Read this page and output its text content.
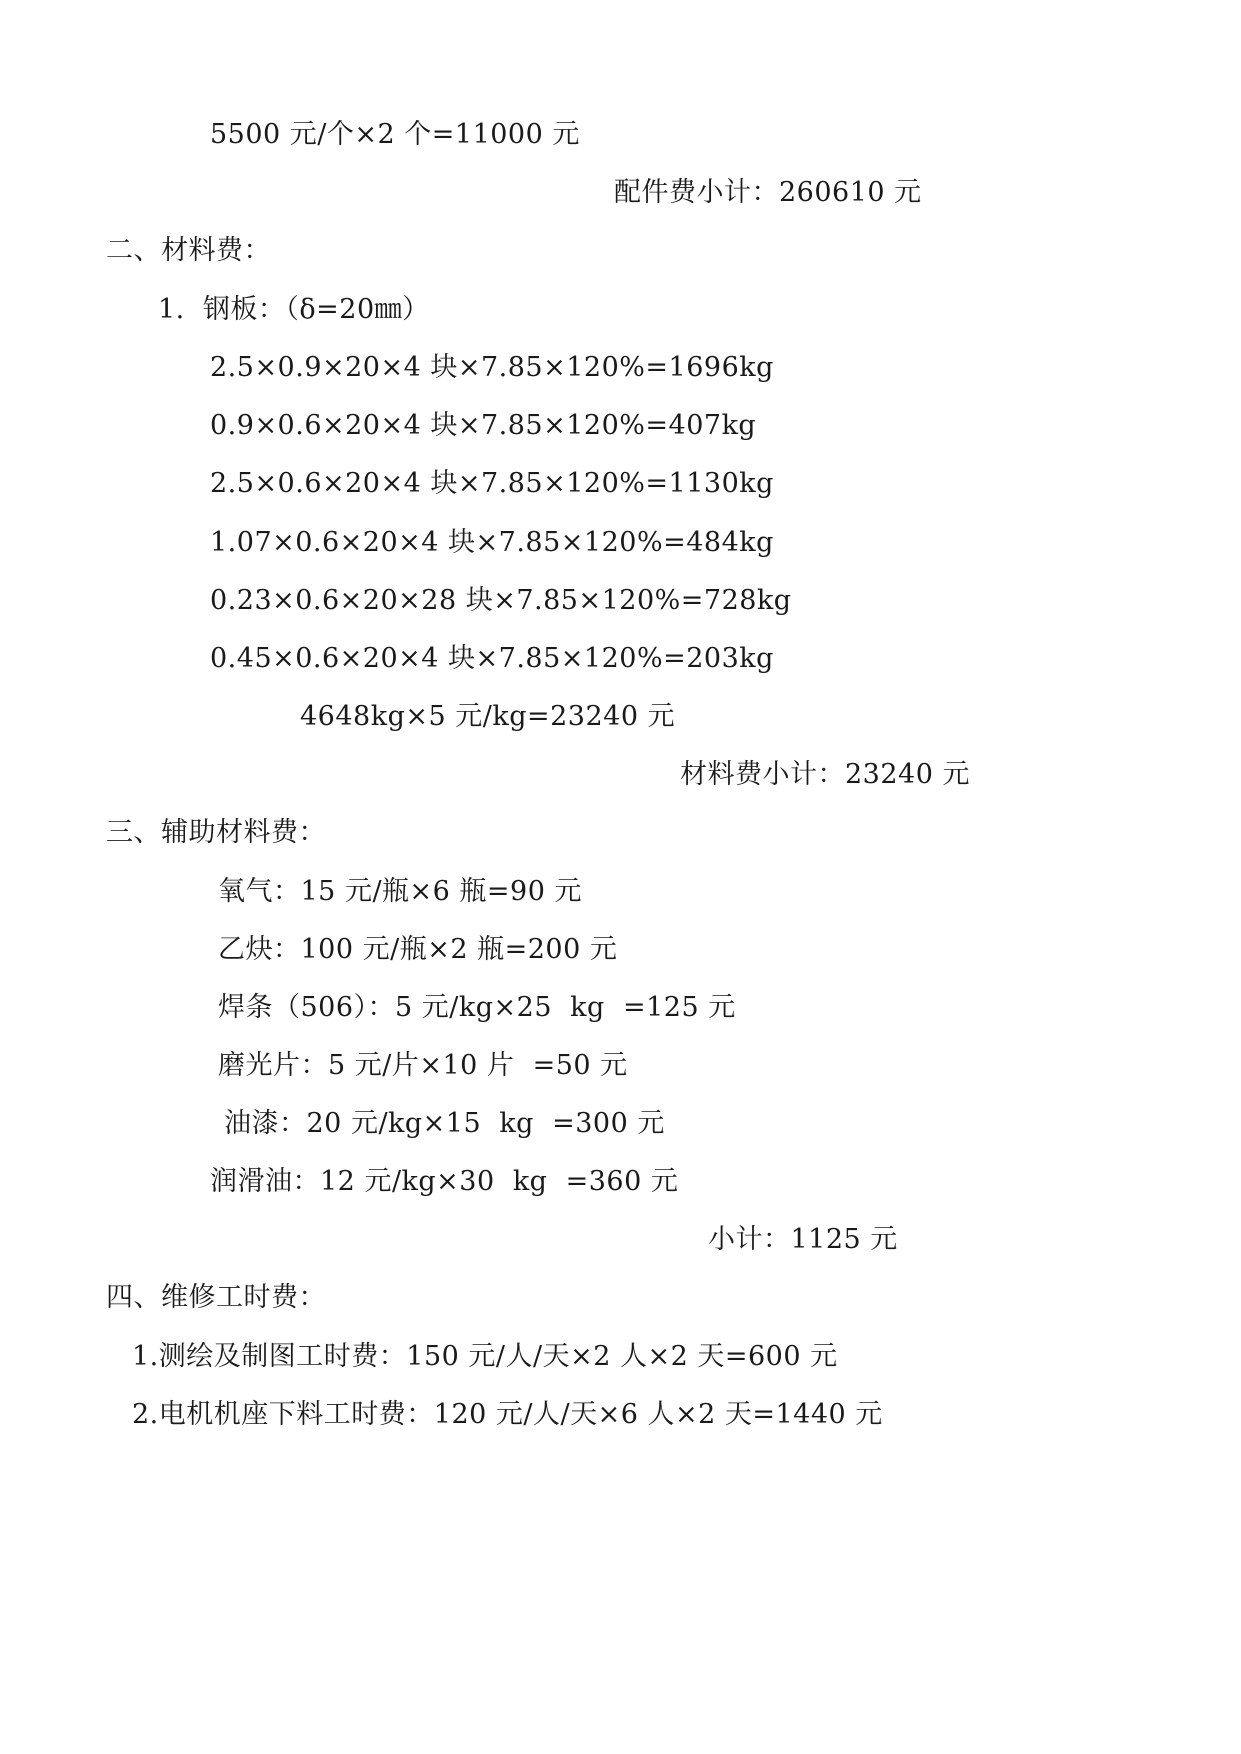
5500 元/个×2 个=11000 元
配件费小计：260610 元
二、材料费：
1.  钢板：（δ=20㎜）
2.5×0.9×20×4 块×7.85×120%=1696kg
0.9×0.6×20×4 块×7.85×120%=407kg
2.5×0.6×20×4 块×7.85×120%=1130kg
1.07×0.6×20×4 块×7.85×120%=484kg
0.23×0.6×20×28 块×7.85×120%=728kg
0.45×0.6×20×4 块×7.85×120%=203kg
4648kg×5 元/kg=23240 元
材料费小计：23240 元
三、辅助材料费：
氧气：15 元/瓶×6 瓶=90 元
乙炔：100 元/瓶×2 瓶=200 元
焊条（506）：5 元/kg×25  kg  =125 元
磨光片：5 元/片×10 片  =50 元
油漆：20 元/kg×15  kg  =300 元
润滑油：12 元/kg×30  kg  =360 元
小计：1125 元
四、维修工时费：
1.测绘及制图工时费：150 元/人/天×2 人×2 天=600 元
2.电机机座下料工时费：120 元/人/天×6 人×2 天=1440 元
